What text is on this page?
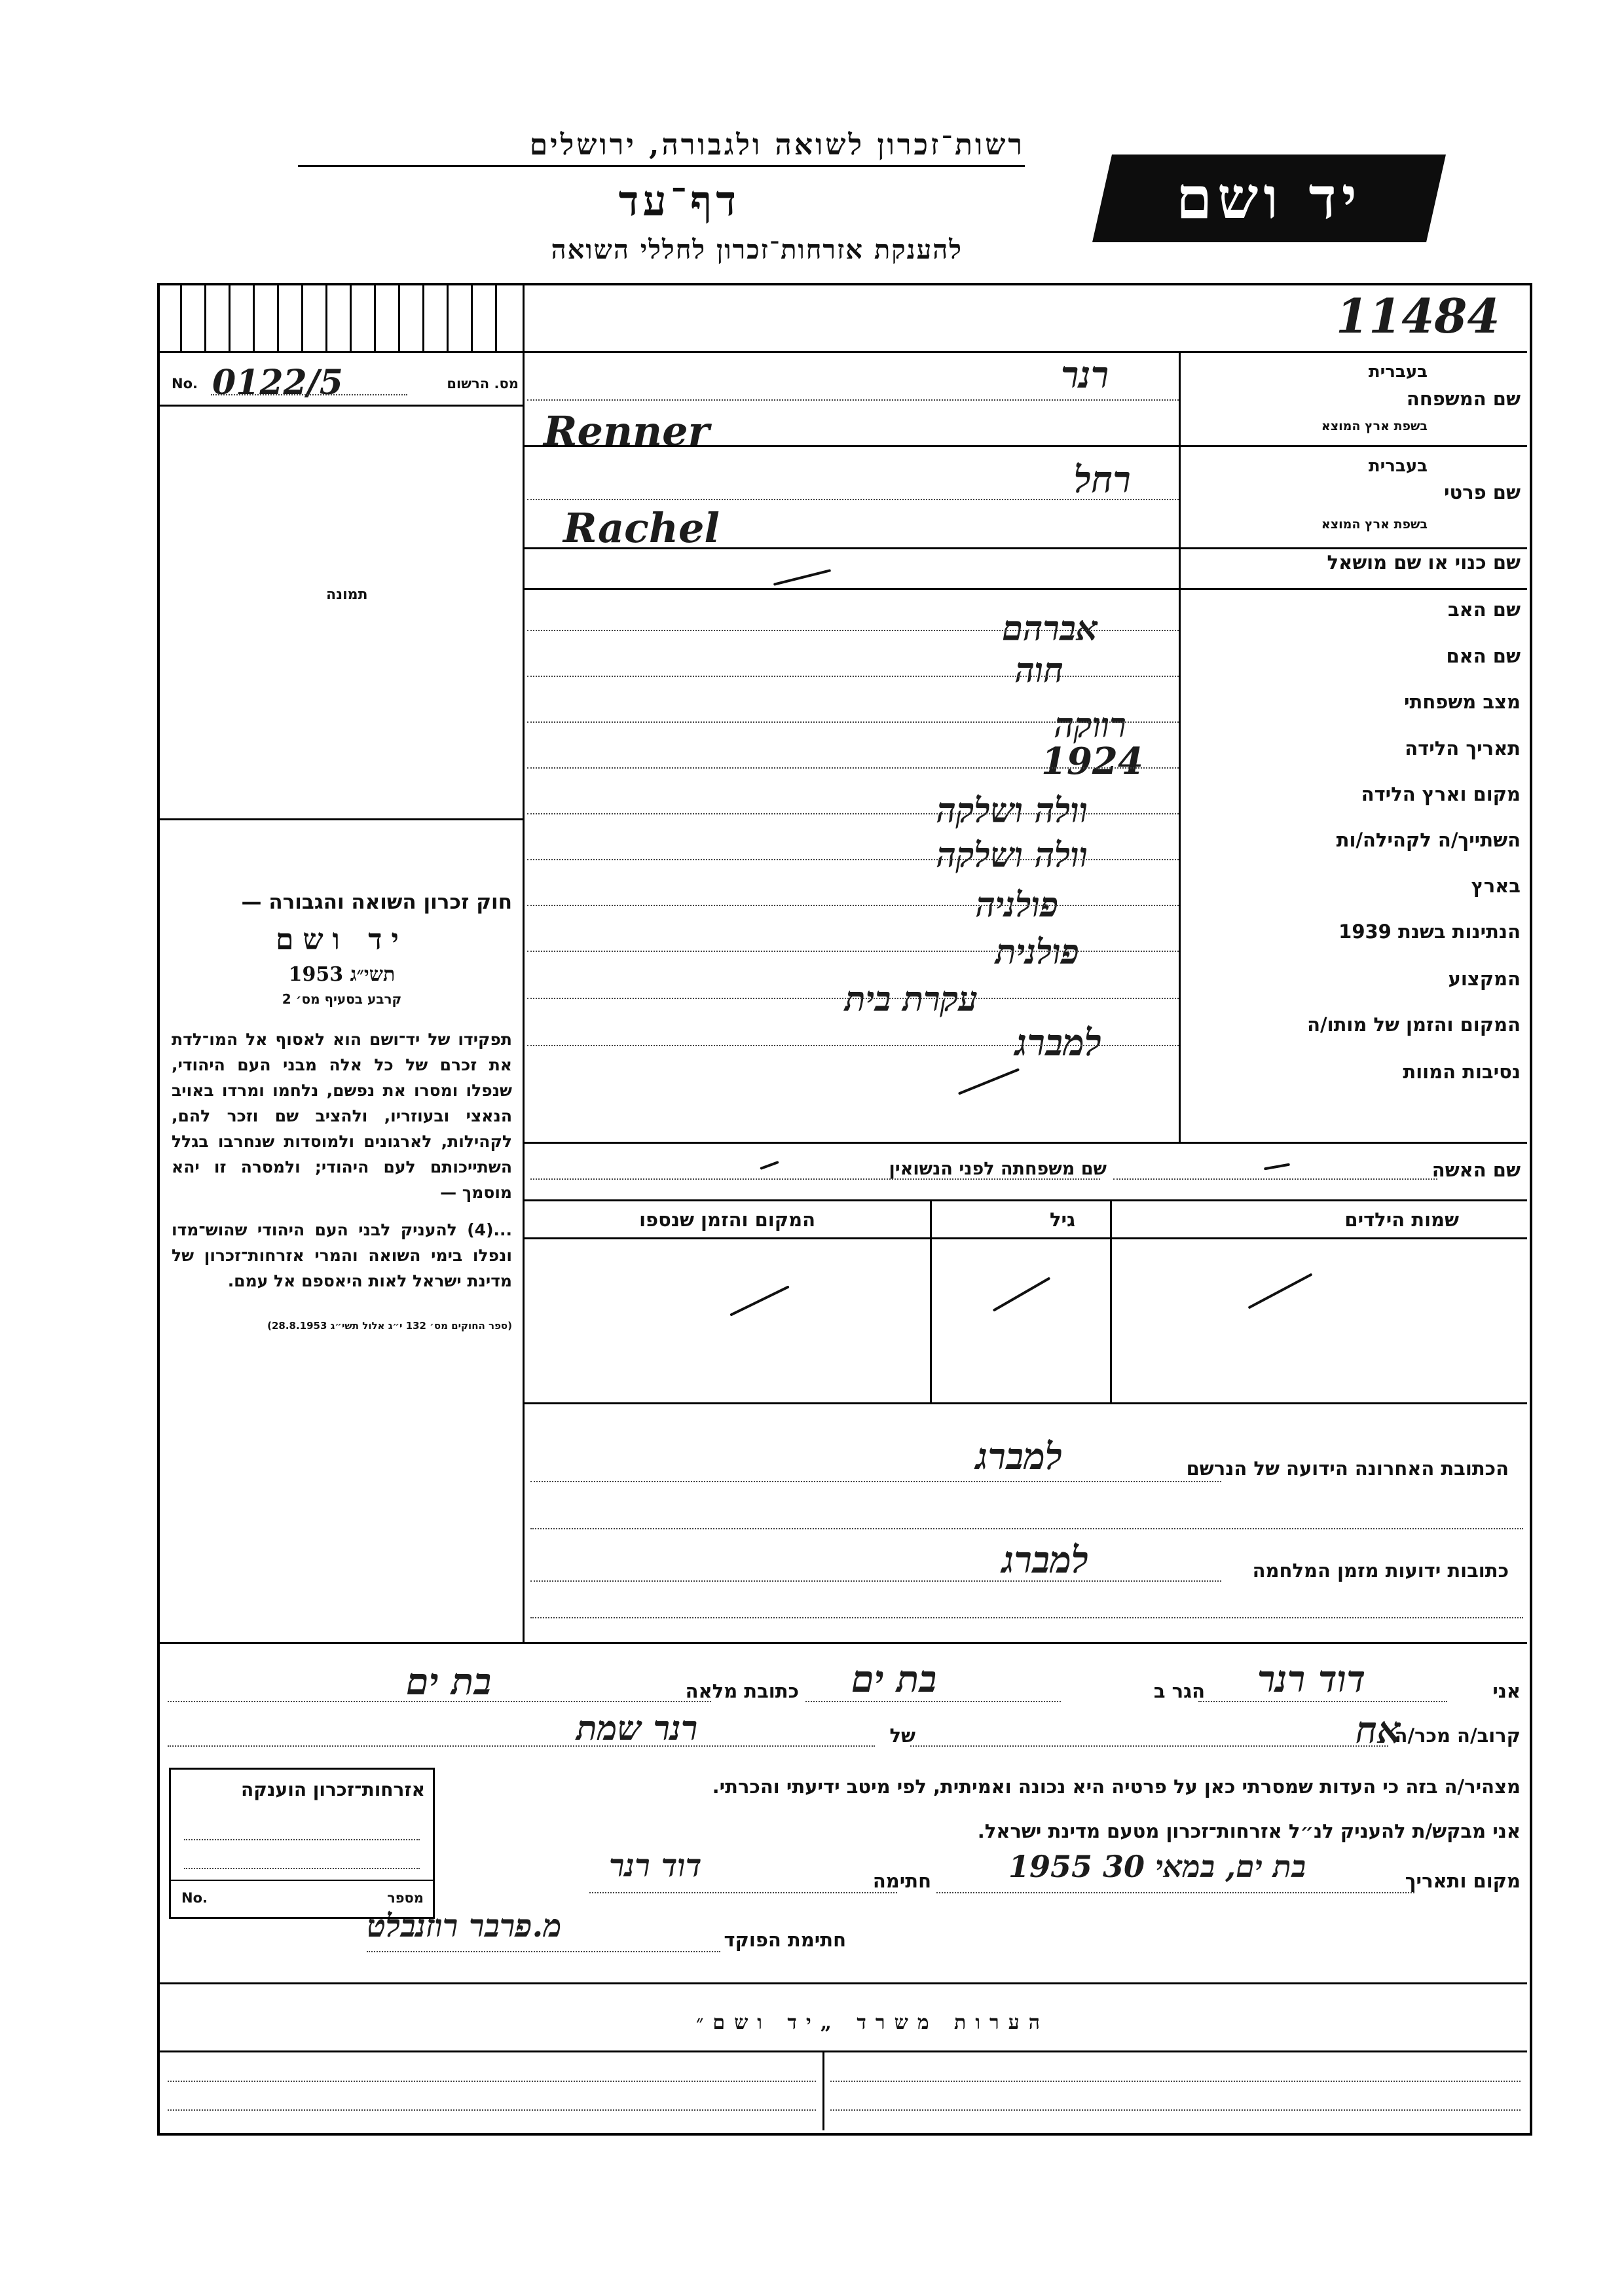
רשות־זכרון לשואה ולגבורה, ירושלים
דף־עד
להענקת אזרחות־זכרון לחללי השואה
יד ושם
11484
No. 0122/5	מס. הרשום
תמונה
חוק זכרון השואה והגבורה —
יד ושם
תשי״ג 1953
קרבע בסעיף מס׳ 2
תפקידו של יד־ושם הוא לאסוף אל המו־לדת את זכרם של כל אלה מבני העם היהודי, שנפלו ומסרו את נפשם, נלחמו ומרדו באויב הנאצי ובעוזריו, ולהציב שם וזכר להם, לקהילות, לארגונים ולמוסדות שנחרבו בגלל השתייכותם לעם היהודי; ולמסרה זו יהא מוסמך —
...(4) להעניק לבני העם היהודי שהוש־מדו ונפלו בימי השואה והמרי אזרחות־זכרון של מדינת ישראל לאות היאספם אל עמם.
(ספר החוקים מס׳ 132 י״ג אלול תשי״ג 28.8.1953)
שם המשפחה
בעברית
בשפת ארץ המוצא
רנר
Renner
שם פרטי
בעברית
בשפת ארץ המוצא
רחל
Rachel
שם כנוי או שם מושאל
שם האב
אברהם
שם האם
חוה
מצב משפחתי
רווקה
תאריך הלידה
1924
מקום וארץ הלידה
וולה ושלקה
השתייך/ה לקהילה/ות
וולה ושלקה
בארץ
פולניה
הנתינות בשנת 1939
פולנית
המקצוע
עקרת בית
המקום והזמן של מותו/ה
למברג
נסיבות המוות
שם האשה
שם משפחתה לפני הנשואין
שמות הילדים
גיל
המקום והזמן שנספו
הכתובת האחרונה הידועה של הנרשם
למברג
כתובות ידועות מזמן המלחמה
למברג
אני
דוד רנר
הגר ב
בת ים
כתובת מלאה
בת ים
קרוב/ה מכר/ה
אח
של
רנר שמת
מצהיר/ה בזה כי העדות שמסרתי כאן על פרטיה היא נכונה ואמיתית, לפי מיטב ידיעתי והכרתי.
אני מבקש/ת להעניק לנ״ל אזרחות־זכרון מטעם מדינת ישראל.
מקום ותאריך
בת ים, במאי 30 1955
חתימה
דוד רנר
חתימת הפוקד
מ.פרבר רוזנבלט
אזרחות־זכרון הוענקה
No.	מספר
הערות משרד „יד ושם״
